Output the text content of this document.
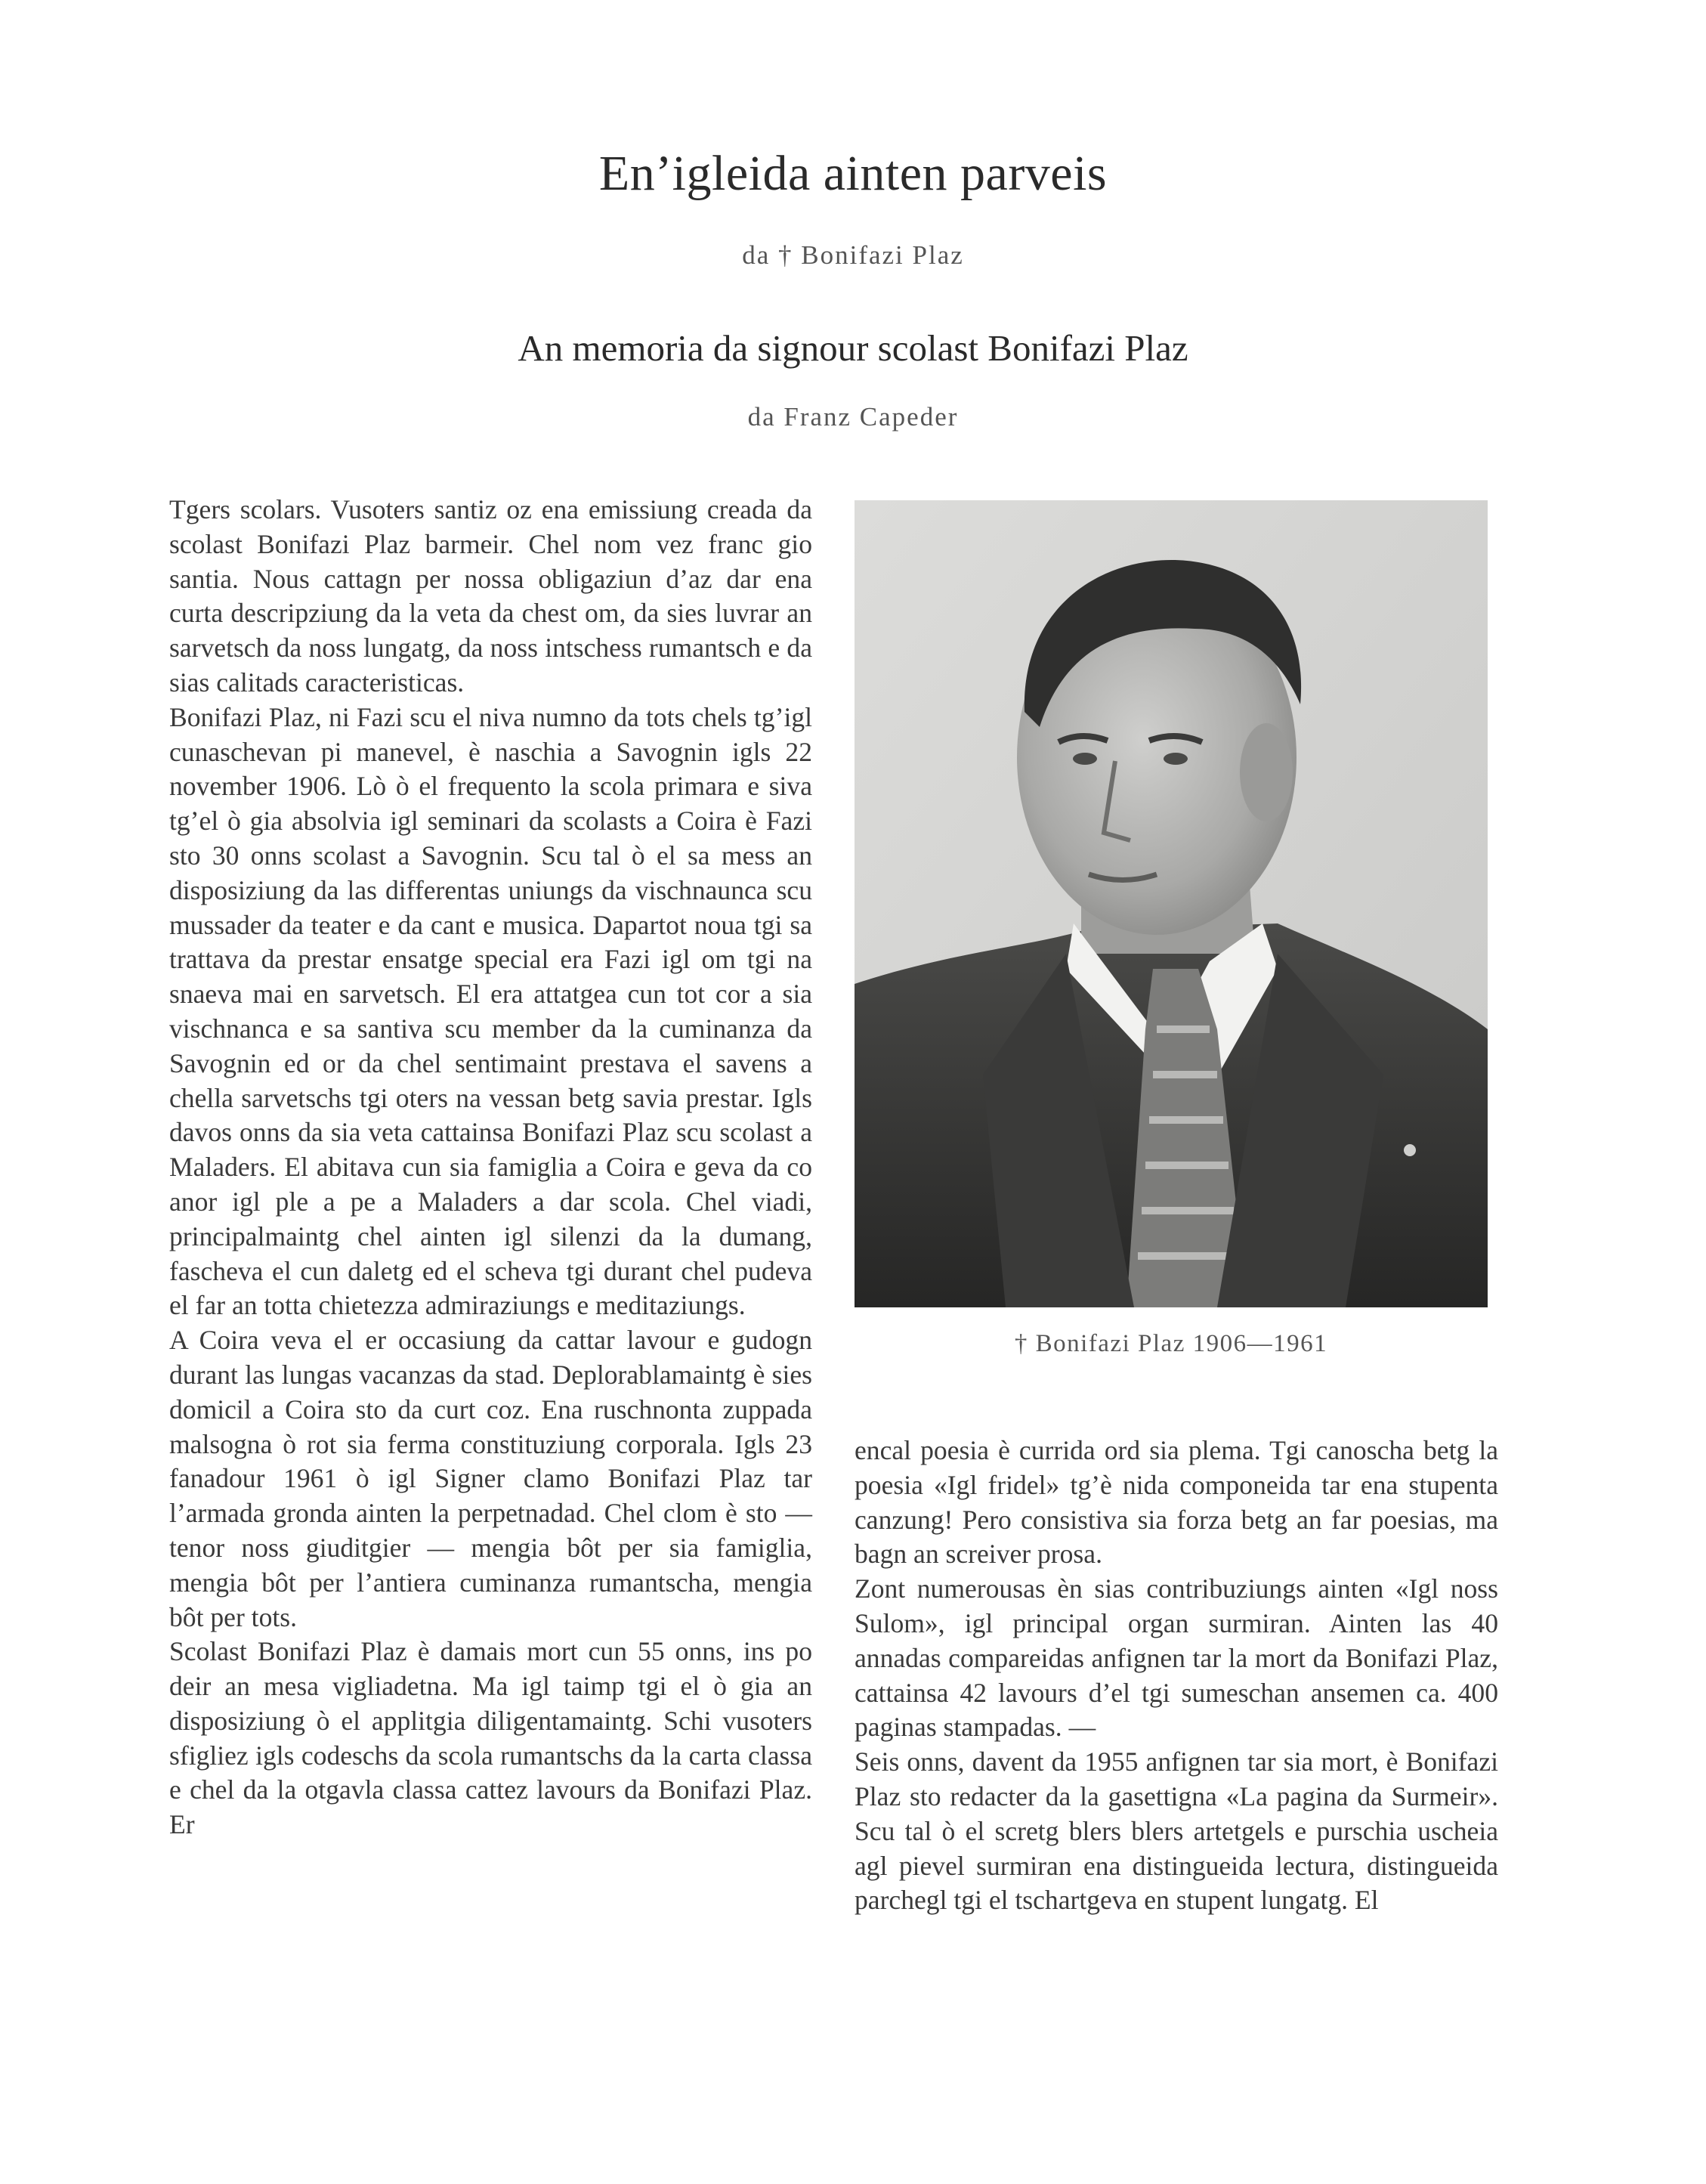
En’igleida ainten parveis
da † Bonifazi Plaz
An memoria da signour scolast Bonifazi Plaz
da Franz Capeder

Tgers scolars. Vusoters santiz oz ena emissiung creada da scolast Bonifazi Plaz barmeir. Chel nom vez franc gio santia. Nous cattagn per nossa obligaziun d’az dar ena curta descripziung da la veta da chest om, da sies luvrar an sarvetsch da noss lungatg, da noss intschess rumantsch e da sias calitads caracteristicas.

Bonifazi Plaz, ni Fazi scu el niva numno da tots chels tg’igl cunaschevan pi manevel, è naschia a Savognin igls 22 november 1906. Lò ò el frequento la scola primara e siva tg’el ò gia absolvia igl seminari da scolasts a Coira è Fazi sto 30 onns scolast a Savognin. Scu tal ò el sa mess an disposiziung da las differentas uniungs da vischnaunca scu mussader da teater e da cant e musica. Dapartot noua tgi sa trattava da prestar ensatge special era Fazi igl om tgi na snaeva mai en sarvetsch. El era attatgea cun tot cor a sia vischnanca e sa santiva scu member da la cuminanza da Savognin ed or da chel sentimaint prestava el savens a chella sarvetschs tgi oters na vessan betg savia prestar. Igls davos onns da sia veta cattainsa Bonifazi Plaz scu scolast a Maladers. El abitava cun sia famiglia a Coira e geva da co anor igl ple a pe a Maladers a dar scola. Chel viadi, principalmaintg chel ainten igl silenzi da la dumang, fascheva el cun daletg ed el scheva tgi durant chel pudeva el far an totta chietezza admiraziungs e meditaziungs.

A Coira veva el er occasiung da cattar lavour e gudogn durant las lungas vacanzas da stad. Deplorablamaintg è sies domicil a Coira sto da curt coz. Ena ruschnonta zuppada malsogna ò rot sia ferma constituziung corporala. Igls 23 fanadour 1961 ò igl Signer clamo Bonifazi Plaz tar l’armada gronda ainten la perpetnadad. Chel clom è sto — tenor noss giuditgier — mengia bôt per sia famiglia, mengia bôt per l’antiera cuminanza rumantscha, mengia bôt per tots.

Scolast Bonifazi Plaz è damais mort cun 55 onns, ins po deir an mesa vigliadetna. Ma igl taimp tgi el ò gia an disposiziung ò el applitgia diligentamaintg. Schi vusoters sfigliez igls codeschs da scola rumantschs da la carta classa e chel da la otgavla classa cattez lavours da Bonifazi Plaz. Er

† Bonifazi Plaz 1906—1961

encal poesia è currida ord sia plema. Tgi canoscha betg la poesia «Igl fridel» tg’è nida componeida tar ena stupenta canzung! Pero consistiva sia forza betg an far poesias, ma bagn an screiver prosa.

Zont numerousas èn sias contribuziungs ainten «Igl noss Sulom», igl principal organ surmiran. Ainten las 40 annadas compareidas anfignen tar la mort da Bonifazi Plaz, cattainsa 42 lavours d’el tgi sumeschan ansemen ca. 400 paginas stampadas. —

Seis onns, davent da 1955 anfignen tar sia mort, è Bonifazi Plaz sto redacter da la gasettigna «La pagina da Surmeir». Scu tal ò el scretg blers blers artetgels e purschia uscheia agl pievel surmiran ena distingueida lectura, distingueida parchegl tgi el tschartgeva en stupent lungatg. El
